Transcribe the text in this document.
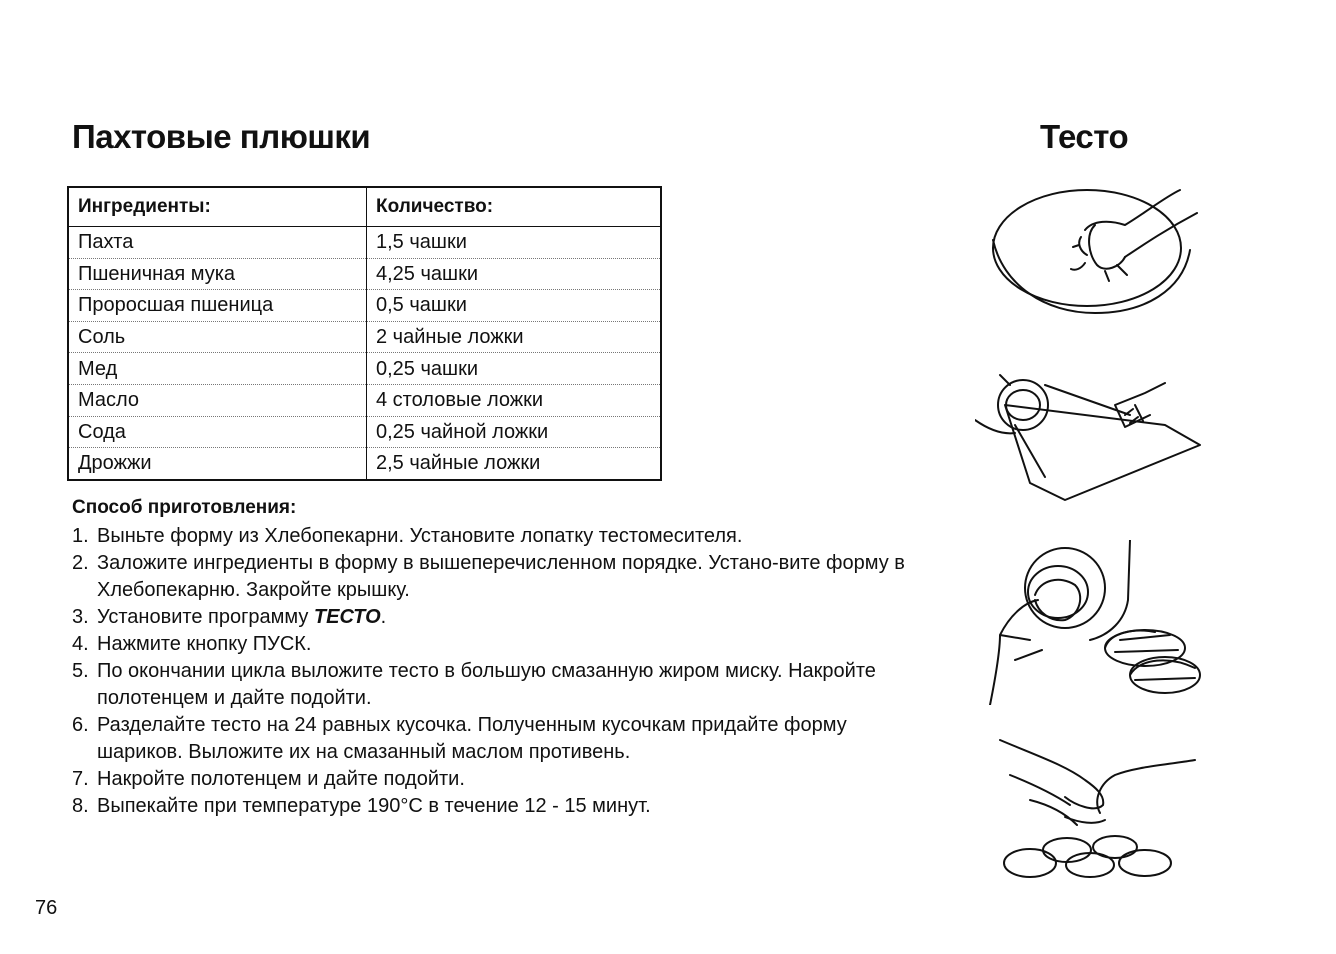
Пахтовые плюшки	Тесто
Ингредиенты:	Количество:
Пахта	1,5 чашки
Пшеничная мука	4,25 чашки
Проросшая пшеница	0,5 чашки
Соль	2 чайные ложки
Мед	0,25 чашки
Масло	4 столовые ложки
Сода	0,25 чайной ложки
Дрожжи	2,5 чайные ложки
Способ приготовления:
1. Выньте форму из Хлебопекарни. Установите лопатку тестомесителя.
2. Заложите ингредиенты в форму в вышеперечисленном порядке. Устано-вите форму в Хлебопекарню. Закройте крышку.
3. Установите программу ТЕСТО.
4. Нажмите кнопку ПУСК.
5. По окончании цикла выложите тесто в большую смазанную жиром миску. Накройте полотенцем и дайте подойти.
6. Разделайте тесто на 24 равных кусочка. Полученным кусочкам придайте форму шариков. Выложите их на смазанный маслом противень.
7. Накройте полотенцем и дайте подойти.
8. Выпекайте при температуре 190°С в течение 12 - 15 минут.
76
